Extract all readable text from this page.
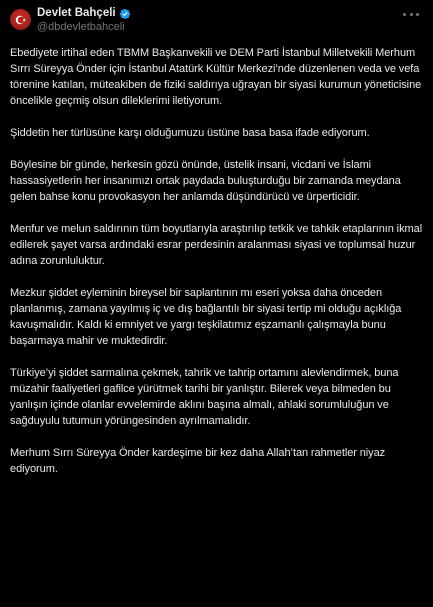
Devlet Bahçeli
@dbdevletbahceli

Ebediyete irtihal eden TBMM Başkanvekili ve DEM Parti İstanbul Milletvekili Merhum Sırrı Süreyya Önder için İstanbul Atatürk Kültür Merkezi’nde düzenlenen veda ve vefa törenine katılan, müteakiben de fiziki saldırıya uğrayan bir siyasi kurumun yöneticisine öncelikle geçmiş olsun dileklerimi iletiyorum.

Şiddetin her türlüsüne karşı olduğumuzu üstüne basa basa ifade ediyorum.

Böylesine bir günde, herkesin gözü önünde, üstelik insani, vicdani ve İslami hassasiyetlerin her insanımızı ortak paydada buluşturduğu bir zamanda meydana gelen bahse konu provokasyon her anlamda düşündürücü ve ürperticidir.

Menfur ve melun saldırının tüm boyutlarıyla araştırılıp tetkik ve tahkik etaplarının ikmal edilerek şayet varsa ardındaki esrar perdesinin aralanması siyasi ve toplumsal huzur adına zorunluluktur.

Mezkur şiddet eyleminin bireysel bir saplantının mı eseri yoksa daha önceden planlanmış, zamana yayılmış iç ve dış bağlantılı bir siyasi tertip mi olduğu açıklığa kavuşmalıdır. Kaldı ki emniyet ve yargı teşkilatımız eşzamanlı çalışmayla bunu başarmaya mahir ve muktedirdir.

Türkiye’yi şiddet sarmalına çekmek, tahrik ve tahrip ortamını alevlendirmek, buna müzahir faaliyetleri gafilce yürütmek tarihi bir yanlıştır. Bilerek veya bilmeden bu yanlışın içinde olanlar evvelemirde aklını başına almalı, ahlaki sorumluluğun ve sağduyulu tutumun yörüngesinden ayrılmamalıdır.

Merhum Sırrı Süreyya Önder kardeşime bir kez daha Allah’tan rahmetler niyaz ediyorum.
